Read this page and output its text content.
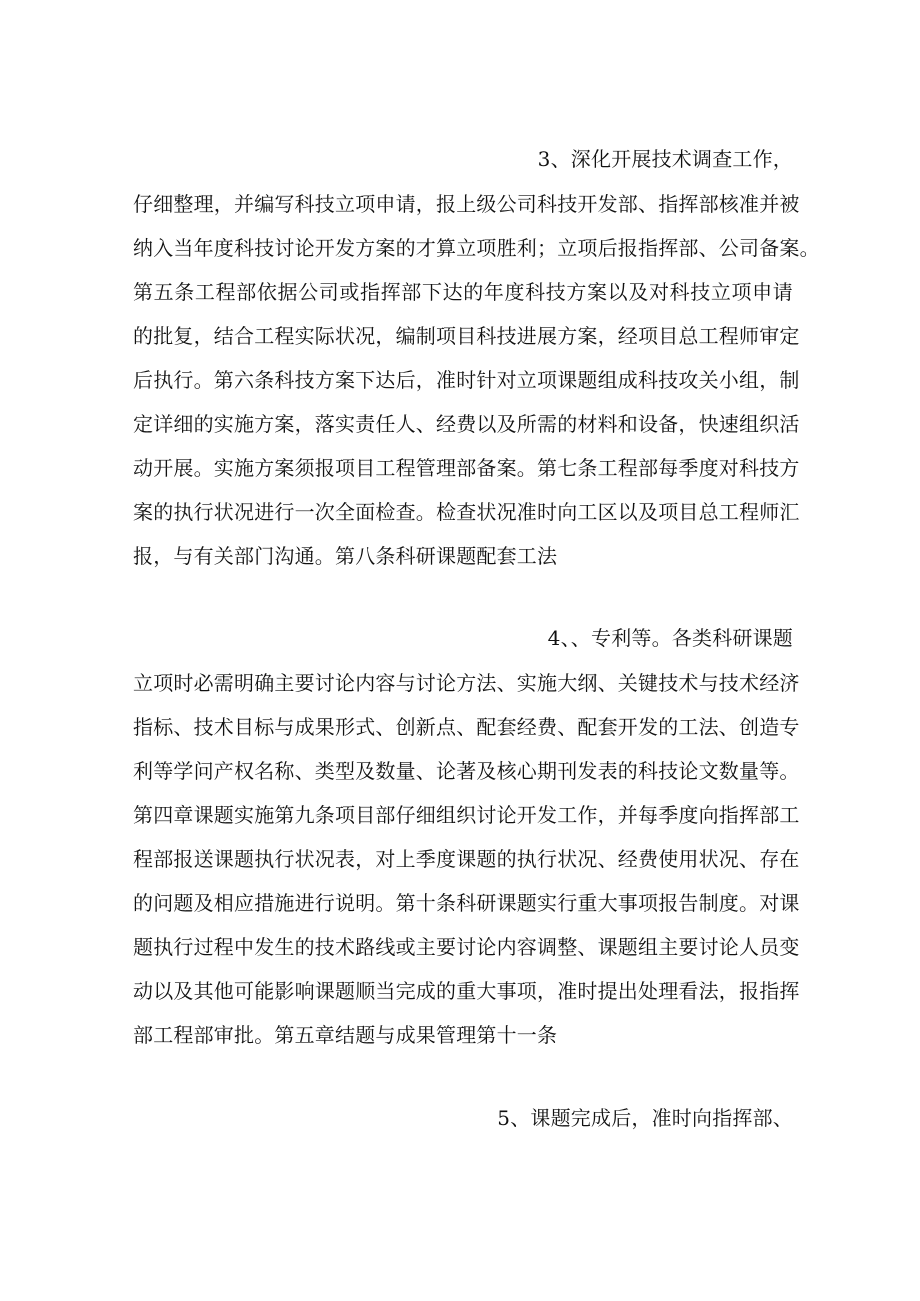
3、深化开展技术调查工作，
仔细整理，并编写科技立项申请，报上级公司科技开发部、指挥部核准并被
纳入当年度科技讨论开发方案的才算立项胜利；立项后报指挥部、公司备案。
第五条工程部依据公司或指挥部下达的年度科技方案以及对科技立项申请
的批复，结合工程实际状况，编制项目科技进展方案，经项目总工程师审定
后执行。第六条科技方案下达后，准时针对立项课题组成科技攻关小组，制
定详细的实施方案，落实责任人、经费以及所需的材料和设备，快速组织活
动开展。实施方案须报项目工程管理部备案。第七条工程部每季度对科技方
案的执行状况进行一次全面检查。检查状况准时向工区以及项目总工程师汇
报，与有关部门沟通。第八条科研课题配套工法
4、、专利等。各类科研课题
立项时必需明确主要讨论内容与讨论方法、实施大纲、关键技术与技术经济
指标、技术目标与成果形式、创新点、配套经费、配套开发的工法、创造专
利等学问产权名称、类型及数量、论著及核心期刊发表的科技论文数量等。
第四章课题实施第九条项目部仔细组织讨论开发工作，并每季度向指挥部工
程部报送课题执行状况表，对上季度课题的执行状况、经费使用状况、存在
的问题及相应措施进行说明。第十条科研课题实行重大事项报告制度。对课
题执行过程中发生的技术路线或主要讨论内容调整、课题组主要讨论人员变
动以及其他可能影响课题顺当完成的重大事项，准时提出处理看法，报指挥
部工程部审批。第五章结题与成果管理第十一条
5、课题完成后，准时向指挥部、
